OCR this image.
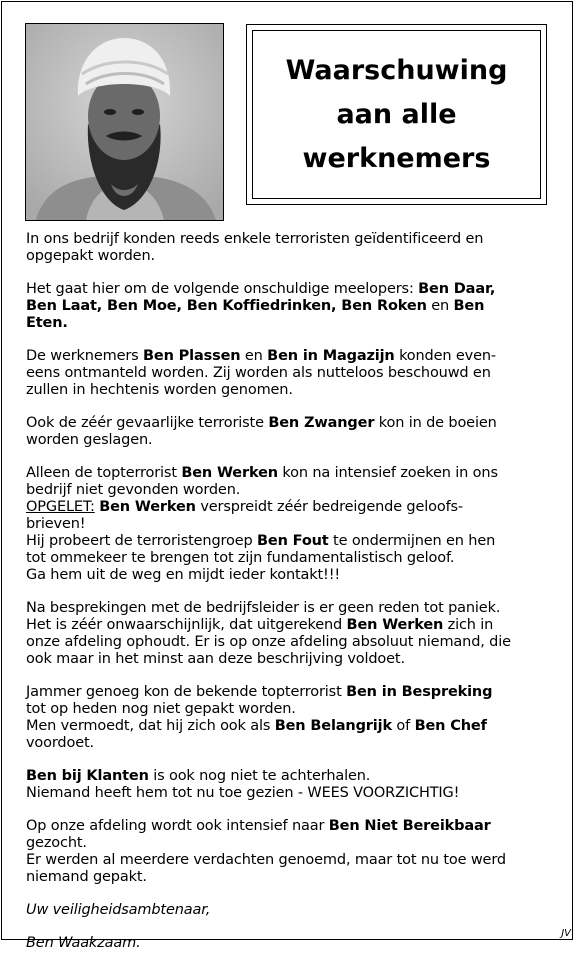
Waarschuwing
aan alle
werknemers

In ons bedrijf konden reeds enkele terroristen geïdentificeerd en
opgepakt worden.

Het gaat hier om de volgende onschuldige meelopers: Ben Daar,
Ben Laat, Ben Moe, Ben Koffiedrinken, Ben Roken en Ben
Eten.

De werknemers Ben Plassen en Ben in Magazijn konden even-
eens ontmanteld worden. Zij worden als nutteloos beschouwd en
zullen in hechtenis worden genomen.

Ook de zéér gevaarlijke terroriste Ben Zwanger kon in de boeien
worden geslagen.

Alleen de topterrorist Ben Werken kon na intensief zoeken in ons
bedrijf niet gevonden worden.
OPGELET: Ben Werken verspreidt zéér bedreigende geloofs-
brieven!
Hij probeert de terroristengroep Ben Fout te ondermijnen en hen
tot ommekeer te brengen tot zijn fundamentalistisch geloof.
Ga hem uit de weg en mijdt ieder kontakt!!!

Na besprekingen met de bedrijfsleider is er geen reden tot paniek.
Het is zéér onwaarschijnlijk, dat uitgerekend Ben Werken zich in
onze afdeling ophoudt. Er is op onze afdeling absoluut niemand, die
ook maar in het minst aan deze beschrijving voldoet.

Jammer genoeg kon de bekende topterrorist Ben in Bespreking
tot op heden nog niet gepakt worden.
Men vermoedt, dat hij zich ook als Ben Belangrijk of Ben Chef
voordoet.

Ben bij Klanten is ook nog niet te achterhalen.
Niemand heeft hem tot nu toe gezien - WEES VOORZICHTIG!

Op onze afdeling wordt ook intensief naar Ben Niet Bereikbaar
gezocht.
Er werden al meerdere verdachten genoemd, maar tot nu toe werd
niemand gepakt.

Uw veiligheidsambtenaar,

Ben Waakzaam.

JV
